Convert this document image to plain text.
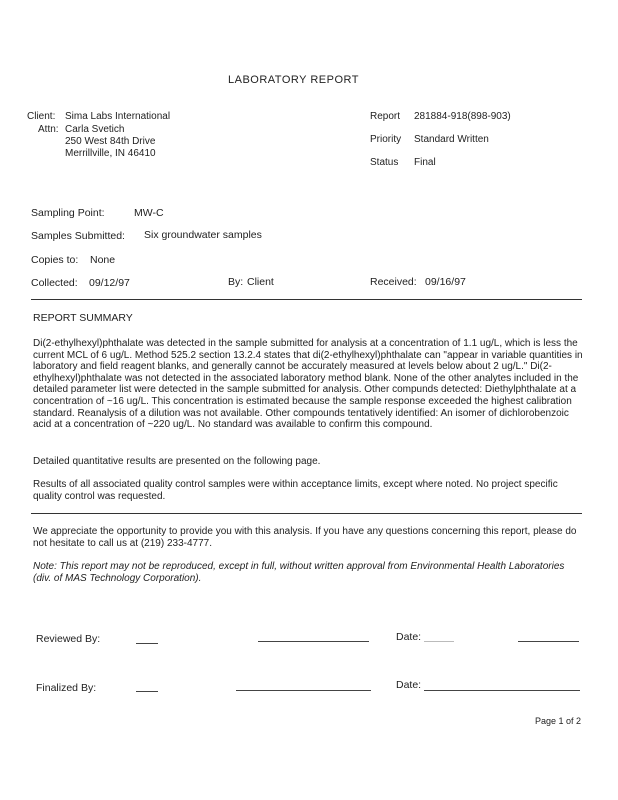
LABORATORY REPORT
Client: Sima Labs International
Attn: Carla Svetich
250 West 84th Drive
Merrillville, IN 46410
Report 281884-918(898-903)
Priority Standard Written
Status Final
Sampling Point:	MW-C
Samples Submitted: Six groundwater samples
Copies to: None
Collected: 09/12/97	By: Client	Received: 09/16/97
REPORT SUMMARY
Di(2-ethylhexyl)phthalate was detected in the sample submitted for analysis at a concentration of 1.1 ug/L, which is less the current MCL of 6 ug/L. Method 525.2 section 13.2.4 states that di(2-ethylhexyl)phthalate can "appear in variable quantities in laboratory and field reagent blanks, and generally cannot be accurately measured at levels below about 2 ug/L." Di(2-ethylhexyl)phthalate was not detected in the associated laboratory method blank. None of the other analytes included in the detailed parameter list were detected in the sample submitted for analysis. Other compunds detected: Diethylphthalate at a concentration of ~16 ug/L. This concentration is estimated because the sample response exceeded the highest calibration standard. Reanalysis of a dilution was not available. Other compounds tentatively identified: An isomer of dichlorobenzoic acid at a concentration of ~220 ug/L. No standard was available to confirm this compound.
Detailed quantitative results are presented on the following page.
Results of all associated quality control samples were within acceptance limits, except where noted. No project specific quality control was requested.
We appreciate the opportunity to provide you with this analysis. If you have any questions concerning this report, please do not hesitate to call us at (219) 233-4777.
Note: This report may not be reproduced, except in full, without written approval from Environmental Health Laboratories (div. of MAS Technology Corporation).
Reviewed By:	Date:
Finalized By:	Date:
Page 1 of 2
